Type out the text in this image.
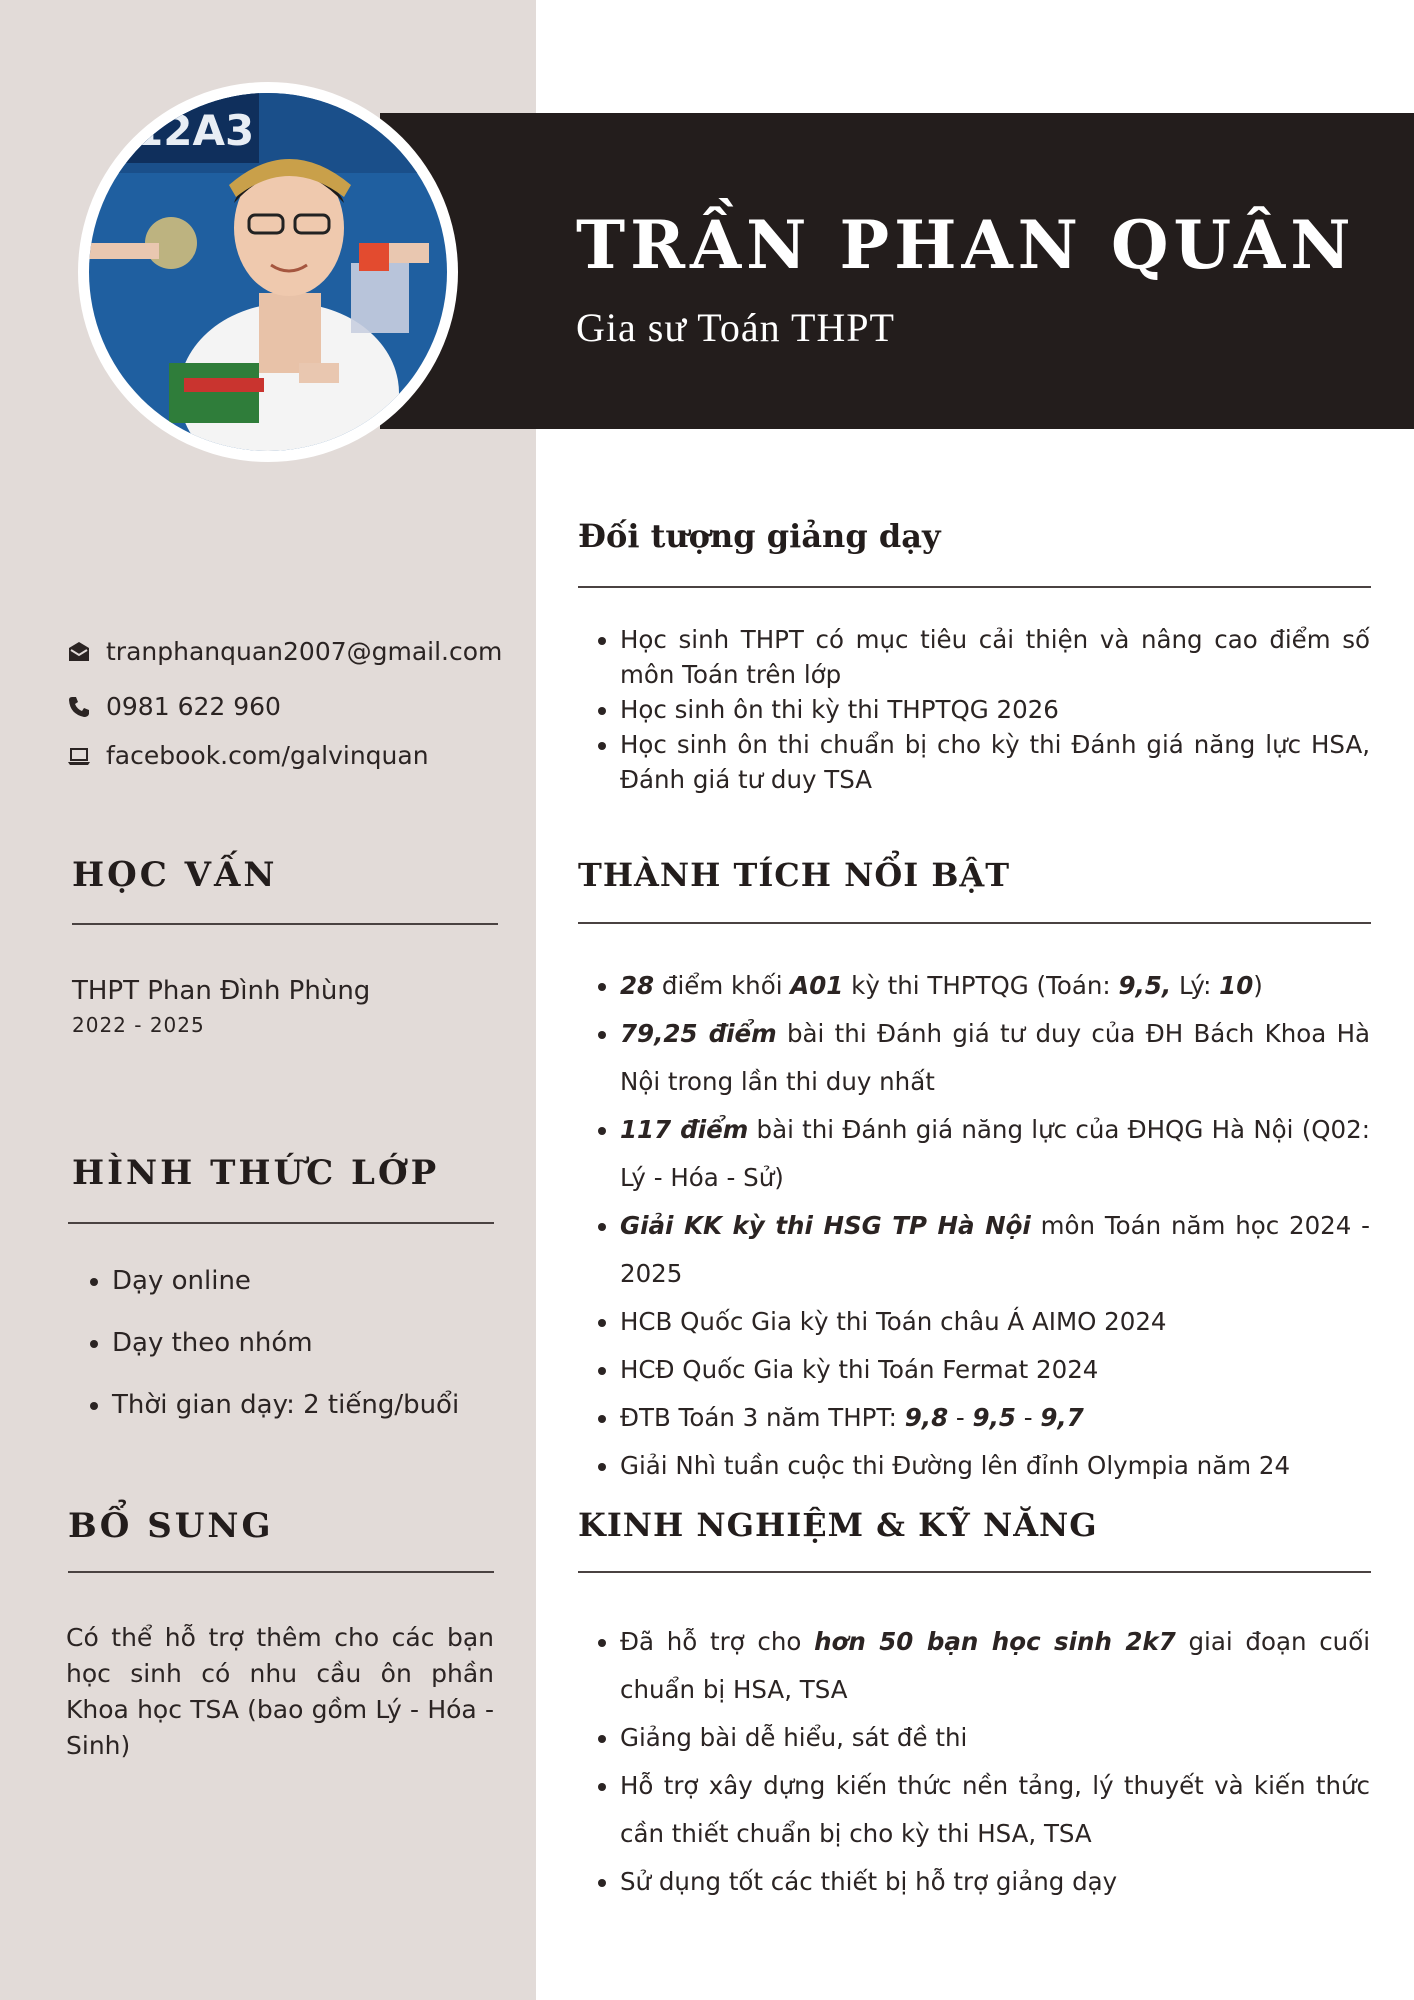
12A3
TRẦN PHAN QUÂN
Gia sư Toán THPT
tranphanquan2007@gmail.com
0981 622 960
facebook.com/galvinquan
HỌC VẤN
THPT Phan Đình Phùng
2022 - 2025
HÌNH THỨC LỚP
• Dạy online
• Dạy theo nhóm
• Thời gian dạy: 2 tiếng/buổi
BỔ SUNG

Có thể hỗ trợ thêm cho các bạn học sinh có nhu cầu ôn phần Khoa học TSA (bao gồm Lý - Hóa - Sinh)

Đối tượng giảng dạy
• Học sinh THPT có mục tiêu cải thiện và nâng cao điểm số môn Toán trên lớp
• Học sinh ôn thi kỳ thi THPTQG 2026
• Học sinh ôn thi chuẩn bị cho kỳ thi Đánh giá năng lực HSA, Đánh giá tư duy TSA
THÀNH TÍCH NỔI BẬT
• 28 điểm khối A01 kỳ thi THPTQG (Toán: 9,5, Lý: 10)
• 79,25 điểm bài thi Đánh giá tư duy của ĐH Bách Khoa Hà Nội trong lần thi duy nhất
• 117 điểm bài thi Đánh giá năng lực của ĐHQG Hà Nội (Q02: Lý - Hóa - Sử)
• Giải KK kỳ thi HSG TP Hà Nội môn Toán năm học 2024 - 2025
• HCB Quốc Gia kỳ thi Toán châu Á AIMO 2024
• HCĐ Quốc Gia kỳ thi Toán Fermat 2024
• ĐTB Toán 3 năm THPT: 9,8 - 9,5 - 9,7
• Giải Nhì tuần cuộc thi Đường lên đỉnh Olympia năm 24
KINH NGHIỆM & KỸ NĂNG
• Đã hỗ trợ cho hơn 50 bạn học sinh 2k7 giai đoạn cuối chuẩn bị HSA, TSA
• Giảng bài dễ hiểu, sát đề thi
• Hỗ trợ xây dựng kiến thức nền tảng, lý thuyết và kiến thức cần thiết chuẩn bị cho kỳ thi HSA, TSA
• Sử dụng tốt các thiết bị hỗ trợ giảng dạy
